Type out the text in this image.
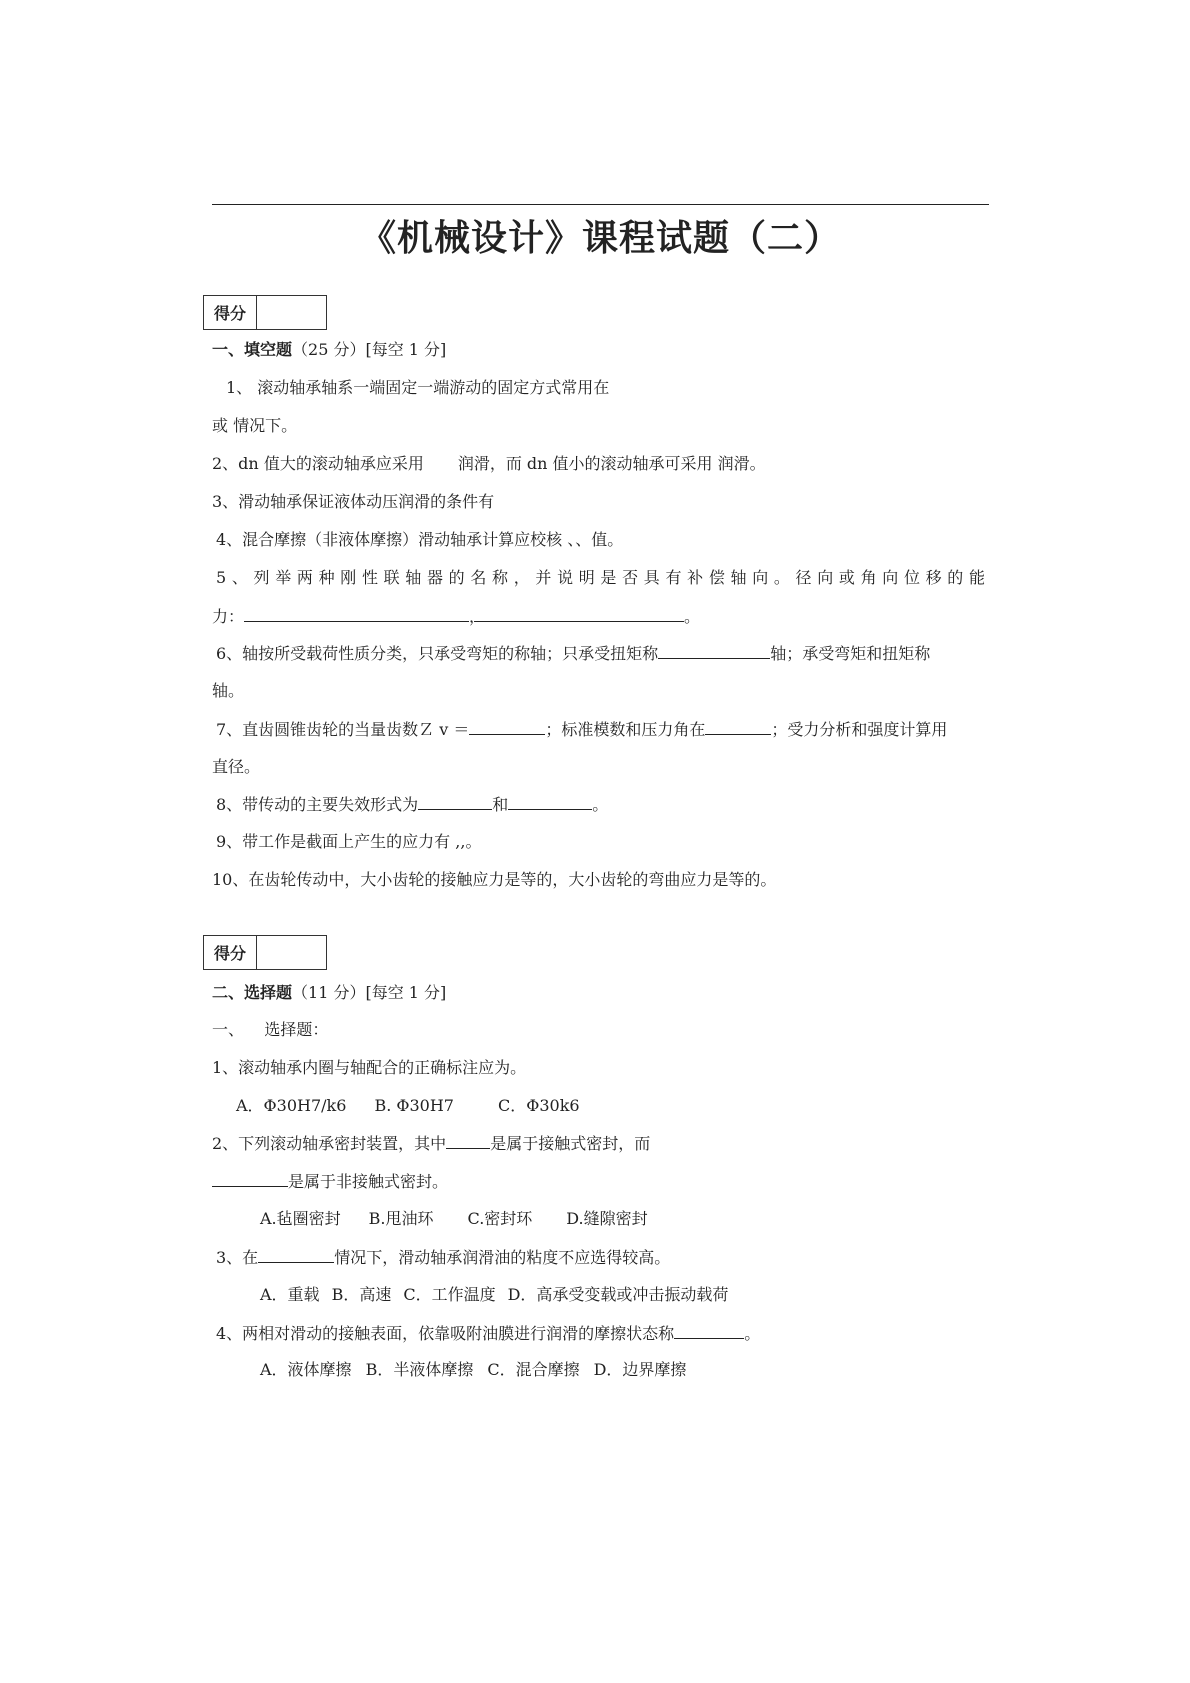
《机械设计》课程试题（二）
得分
一、填空题（25 分）[每空 1 分]
1、 滚动轴承轴系一端固定一端游动的固定方式常用在
或 情况下。
2、dn 值大的滚动轴承应采用 润滑，而 dn 值小的滚动轴承可采用 润滑。
3、滑动轴承保证液体动压润滑的条件有
4、混合摩擦（非液体摩擦）滑动轴承计算应校核 、、值。
5、列举两种刚性联轴器的名称，并说明是否具有补偿轴向。径向或角向位移的能
力：	，	。
6、轴按所受载荷性质分类，只承受弯矩的称轴；只承受扭矩称	轴；承受弯矩和扭矩称
轴。
7、直齿圆锥齿轮的当量齿数Ｚ v ＝	；标准模数和压力角在	；受力分析和强度计算用
直径。
8、带传动的主要失效形式为	和	。
9、带工作是截面上产生的应力有 ,,。
10、在齿轮传动中，大小齿轮的接触应力是等的，大小齿轮的弯曲应力是等的。
得分
二、选择题（11 分）[每空 1 分]
一、    选择题：
1、滚动轴承内圈与轴配合的正确标注应为。
A．Φ30H7/k6 B. Φ30H7	C．Φ30k6
2、下列滚动轴承密封装置，其中	是属于接触式密封，而
是属于非接触式密封。
A.毡圈密封 B.甩油环 C.密封环 D.缝隙密封
3、在	情况下，滑动轴承润滑油的粘度不应选得较高。
A．重载 B．高速 C．工作温度 D．高承受变载或冲击振动载荷
4、两相对滑动的接触表面，依靠吸附油膜进行润滑的摩擦状态称	。
A．液体摩擦 B．半液体摩擦 C．混合摩擦 D．边界摩擦
